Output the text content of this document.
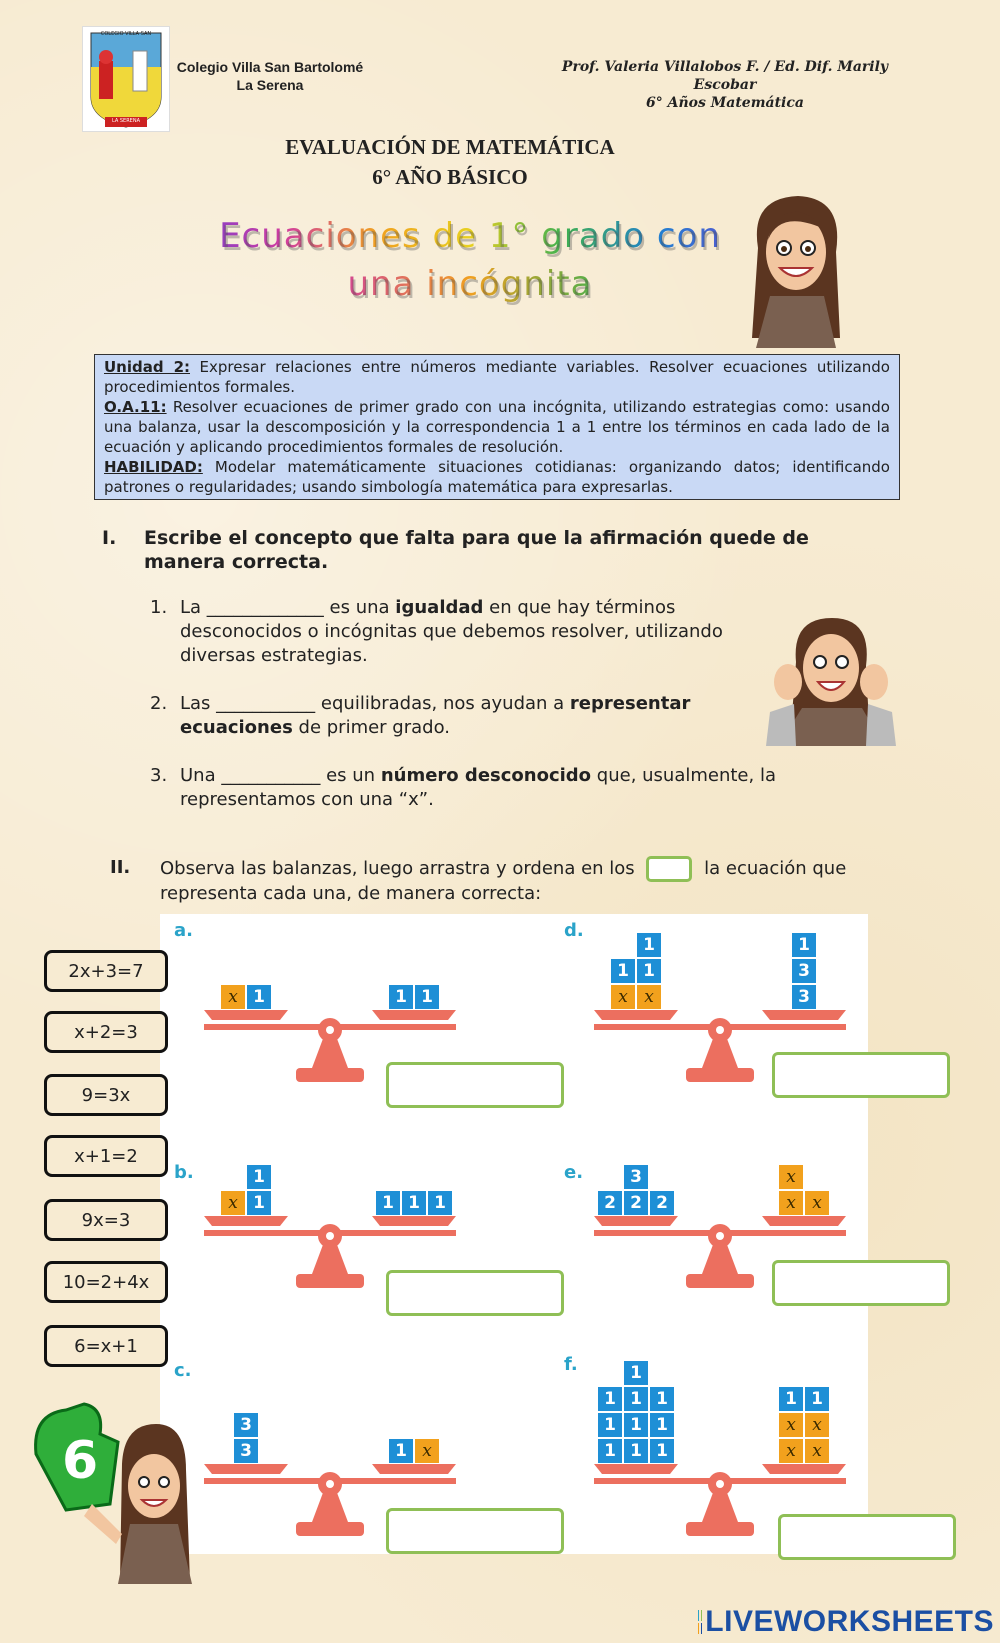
COLEGIO VILLA SAN
LA SERENA
Colegio Villa San Bartolomé
La Serena
Prof. Valeria Villalobos F. / Ed. Dif. Marily Escobar
6° Años Matemática
EVALUACIÓN DE MATEMÁTICA
6° AÑO BÁSICO
Ecuaciones de 1° grado con
una incógnita
Unidad 2: Expresar relaciones entre números mediante variables. Resolver ecuaciones utilizando procedimientos formales.
O.A.11: Resolver ecuaciones de primer grado con una incógnita, utilizando estrategias como: usando una balanza, usar la descomposición y la correspondencia 1 a 1 entre los términos en cada lado de la ecuación y aplicando procedimientos formales de resolución.
HABILIDAD: Modelar matemáticamente situaciones cotidianas: organizando datos; identificando patrones o regularidades; usando simbología matemática para expresarlas.
I. Escribe el concepto que falta para que la afirmación quede de manera correcta.
1. La _____________ es una igualdad en que hay términos desconocidos o incógnitas que debemos resolver, utilizando diversas estrategias.
2. Las ___________ equilibradas, nos ayudan a representar ecuaciones de primer grado.
3. Una ___________ es un número desconocido que, usualmente, la representamos con una “x”.
II. Observa las balanzas, luego arrastra y ordena en los	la ecuación que representa cada una, de manera correcta:
2x+3=7
x+2=3
9=3x
x+1=2
9x=3
10=2+4x
6=x+1
a.
b.
c.
d.
e.
f.
x 1	1 1
1
x 1	1 1 1
3
3	1 x
1
1 1
x x
1
3
3
3
2 2 2
x
x x
1
1 1 1
1 1 1
1 1 1
1 1
x x
x x
6
LIVEWORKSHEETS
